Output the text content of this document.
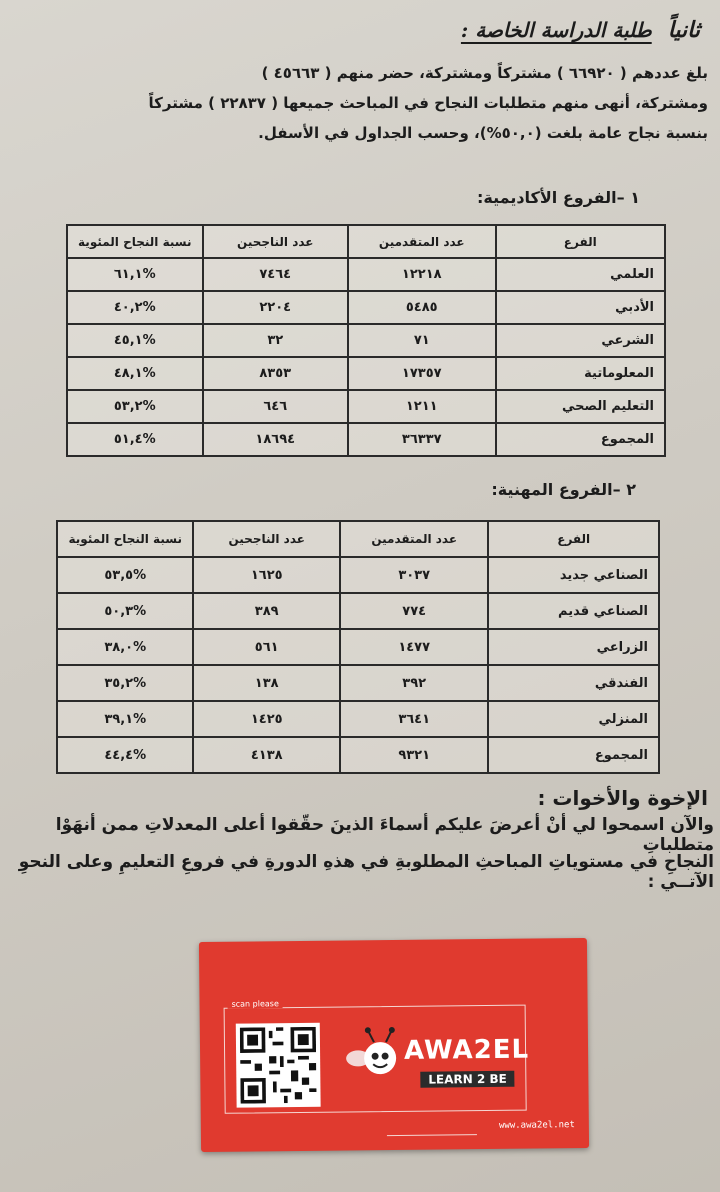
ثانياً
طلبة الدراسة الخاصة :

بلغ عددهم ( ٦٦٩٢٠ ) مشتركاً ومشتركة، حضر منهم ( ٤٥٦٦٣ )

ومشتركة، أنهى منهم متطلبات النجاح في المباحث جميعها ( ٢٢٨٣٧ ) مشتركاً

بنسبة نجاح عامة بلغت (٥٠,٠%)، وحسب الجداول في الأسفل.

١ –الفروع الأكاديمية:
الفرع	عدد المتقدمين	عدد الناجحين	نسبة النجاح المئوية
العلمي	١٢٢١٨	٧٤٦٤	%٦١,١
الأدبي	٥٤٨٥	٢٢٠٤	%٤٠,٢
الشرعي	٧١	٣٢	%٤٥,١
المعلوماتية	١٧٣٥٧	٨٣٥٣	%٤٨,١
التعليم الصحي	١٢١١	٦٤٦	%٥٣,٢
المجموع	٣٦٣٣٧	١٨٦٩٤	%٥١,٤
٢ –الفروع المهنية:
الفرع	عدد المتقدمين	عدد الناجحين	نسبة النجاح المئوية
الصناعي جديد	٣٠٣٧	١٦٢٥	%٥٣,٥
الصناعي قديم	٧٧٤	٣٨٩	%٥٠,٣
الزراعي	١٤٧٧	٥٦١	%٣٨,٠
الفندقي	٣٩٢	١٣٨	%٣٥,٢
المنزلي	٣٦٤١	١٤٢٥	%٣٩,١
المجموع	٩٣٢١	٤١٣٨	%٤٤,٤
الإخوة والأخوات :

والآن اسمحوا لي أنْ أعرضَ عليكم أسماءَ الذينَ حقّقوا أعلى المعدلاتِ ممن أنهَوْا متطلباتِ

النجاحِ في مستوياتِ المباحثِ المطلوبةِ في هذهِ الدورةِ في فروعِ التعليمِ وعلى النحوِ الآتــي :

scan please
AWA2EL
LEARN 2 BE
www.awa2el.net
